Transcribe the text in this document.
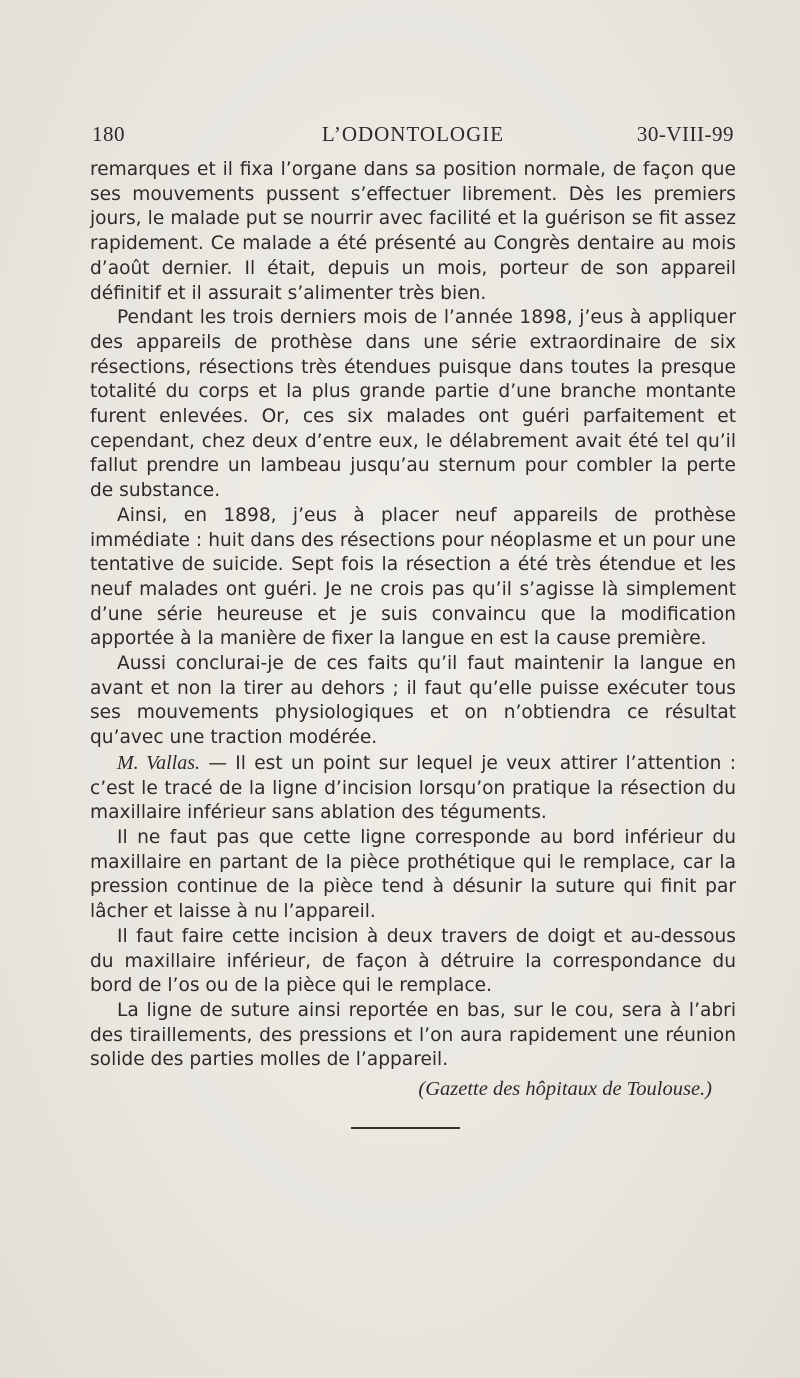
180	L’ODONTOLOGIE	30-VIII-99

remarques et il fixa l’organe dans sa position normale, de façon que ses mouvements pussent s’effectuer librement. Dès les premiers jours, le malade put se nourrir avec facilité et la guérison se fit assez rapidement. Ce malade a été présenté au Congrès dentaire au mois d’août dernier. Il était, depuis un mois, porteur de son appareil définitif et il assurait s’alimenter très bien.

Pendant les trois derniers mois de l’année 1898, j’eus à appliquer des appareils de prothèse dans une série extraordinaire de six résections, résections très étendues puisque dans toutes la presque totalité du corps et la plus grande partie d’une branche montante furent enlevées. Or, ces six malades ont guéri parfaitement et cependant, chez deux d’entre eux, le délabrement avait été tel qu’il fallut prendre un lambeau jusqu’au sternum pour combler la perte de substance.

Ainsi, en 1898, j’eus à placer neuf appareils de prothèse immédiate : huit dans des résections pour néoplasme et un pour une tentative de suicide. Sept fois la résection a été très étendue et les neuf malades ont guéri. Je ne crois pas qu’il s’agisse là simplement d’une série heureuse et je suis convaincu que la modification apportée à la manière de fixer la langue en est la cause première.

Aussi conclurai-je de ces faits qu’il faut maintenir la langue en avant et non la tirer au dehors ; il faut qu’elle puisse exécuter tous ses mouvements physiologiques et on n’obtiendra ce résultat qu’avec une traction modérée.

M. Vallas. — Il est un point sur lequel je veux attirer l’attention : c’est le tracé de la ligne d’incision lorsqu’on pratique la résection du maxillaire inférieur sans ablation des téguments.

Il ne faut pas que cette ligne corresponde au bord inférieur du maxillaire en partant de la pièce prothétique qui le remplace, car la pression continue de la pièce tend à désunir la suture qui finit par lâcher et laisse à nu l’appareil.

Il faut faire cette incision à deux travers de doigt et au-dessous du maxillaire inférieur, de façon à détruire la correspondance du bord de l’os ou de la pièce qui le remplace.

La ligne de suture ainsi reportée en bas, sur le cou, sera à l’abri des tiraillements, des pressions et l’on aura rapidement une réunion solide des parties molles de l’appareil.

(Gazette des hôpitaux de Toulouse.)
